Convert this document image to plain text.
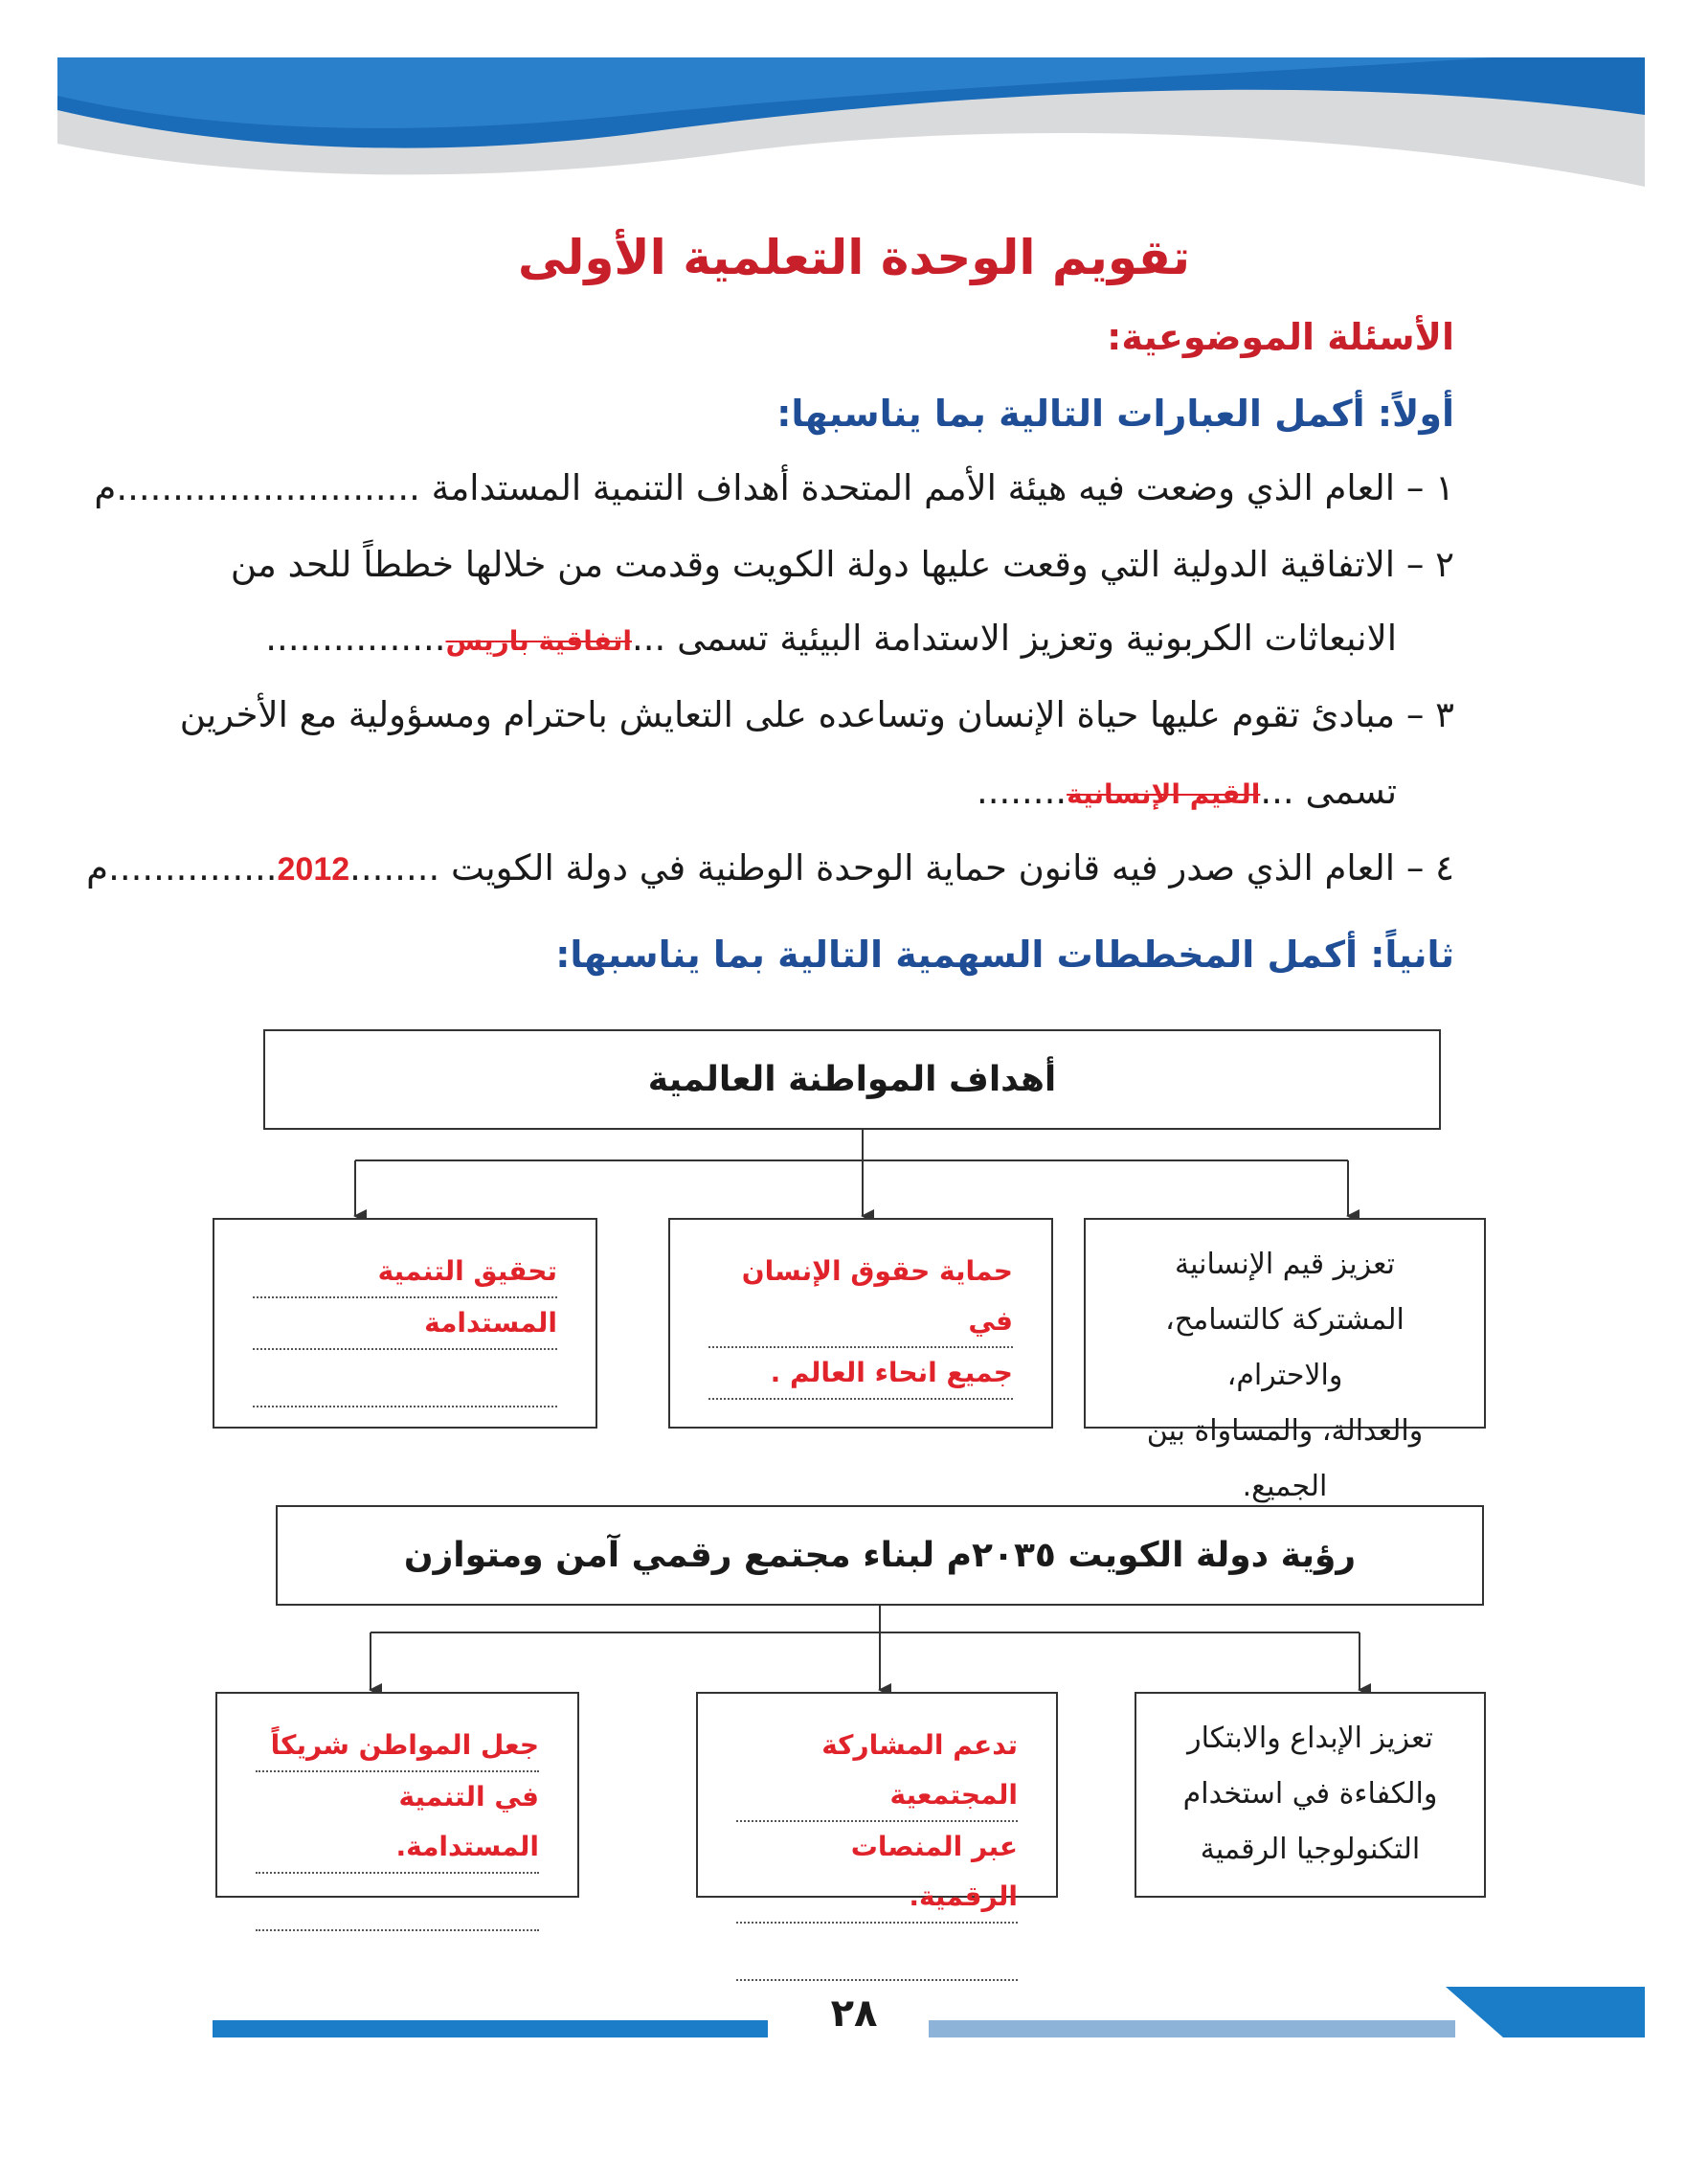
تقويم الوحدة التعلمية الأولى
الأسئلة الموضوعية:
أولاً: أكمل العبارات التالية بما يناسبها:
١ – العام الذي وضعت فيه هيئة الأمم المتحدة أهداف التنمية المستدامة ...........................م
٢ – الاتفاقية الدولية التي وقعت عليها دولة الكويت وقدمت من خلالها خططاً للحد من
الانبعاثات الكربونية وتعزيز الاستدامة البيئية تسمى ...اتفاقية باريس................
٣ – مبادئ تقوم عليها حياة الإنسان وتساعده على التعايش باحترام ومسؤولية مع الأخرين
تسمى ...القيم الإنسانية........
٤ – العام الذي صدر فيه قانون حماية الوحدة الوطنية في دولة الكويت ........2012...............م
ثانياً: أكمل المخططات السهمية التالية بما يناسبها:
أهداف المواطنة العالمية
تعزيز قيم الإنسانية
المشتركة كالتسامح، والاحترام،
والعدالة، والمساواة بين الجميع.
حماية حقوق الإنسان في
جميع انحاء العالم .
تحقيق التنمية
المستدامة
رؤية دولة الكويت ٢٠٣٥م لبناء مجتمع رقمي آمن ومتوازن
تعزيز الإبداع والابتكار
والكفاءة في استخدام
التكنولوجيا الرقمية
تدعم المشاركة المجتمعية
عبر المنصات الرقمية.
جعل المواطن شريكاً
في التنمية المستدامة.
٢٨
